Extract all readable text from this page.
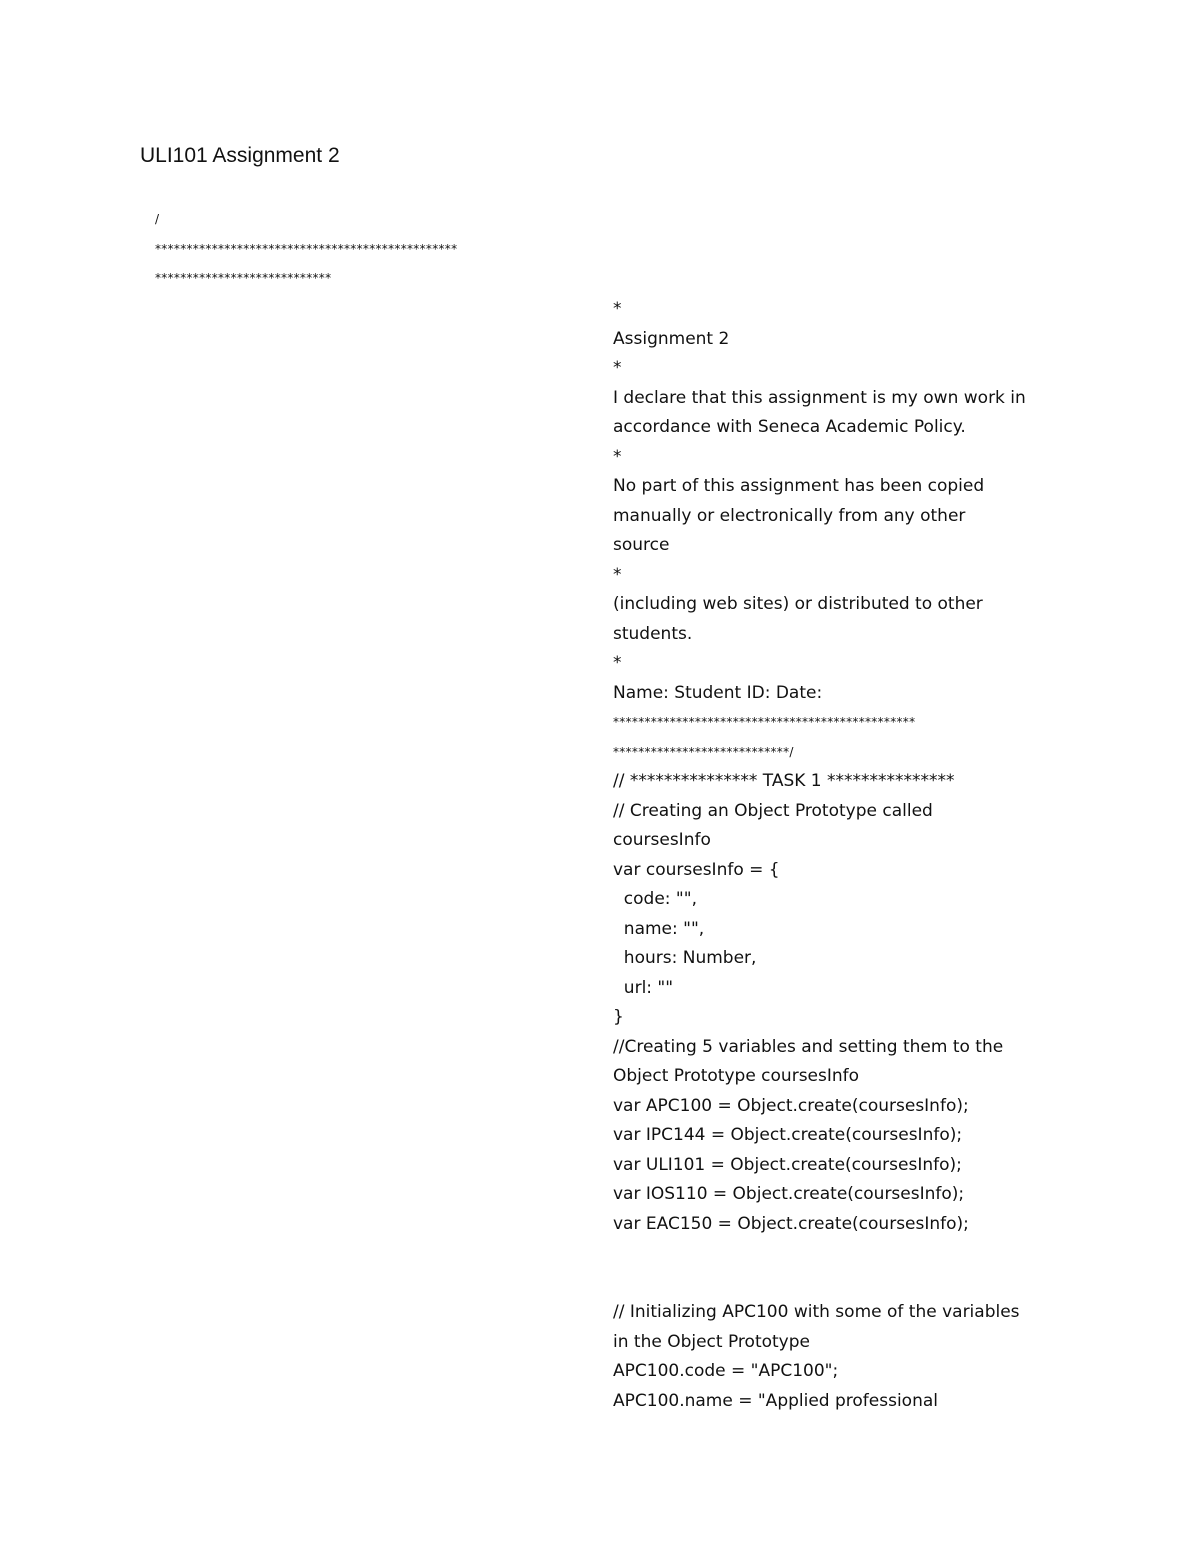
ULI101 Assignment 2
/
************************************************
****************************
*
Assignment 2
*
I declare that this assignment is my own work in
accordance with Seneca Academic Policy.
*
No part of this assignment has been copied
manually or electronically from any other
source
*
(including web sites) or distributed to other
students.
*
Name: Student ID: Date:
************************************************
****************************/
// *************** TASK 1 ***************
// Creating an Object Prototype called
coursesInfo
var coursesInfo = {
code: "",
name: "",
hours: Number,
url: ""
}
//Creating 5 variables and setting them to the
Object Prototype coursesInfo
var APC100 = Object.create(coursesInfo);
var IPC144 = Object.create(coursesInfo);
var ULI101 = Object.create(coursesInfo);
var IOS110 = Object.create(coursesInfo);
var EAC150 = Object.create(coursesInfo);
// Initializing APC100 with some of the variables
in the Object Prototype
APC100.code = "APC100";
APC100.name = "Applied professional
